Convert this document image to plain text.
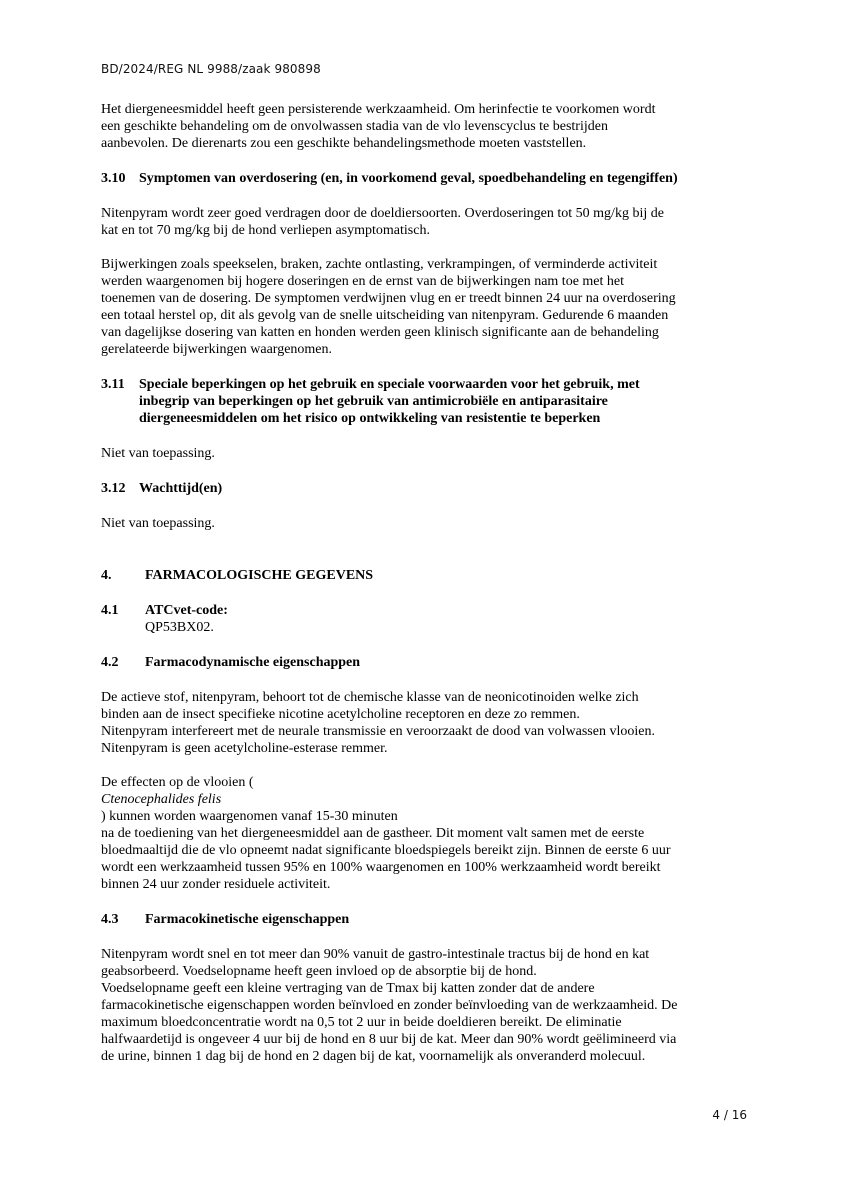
BD/2024/REG NL 9988/zaak 980898

Het diergeneesmiddel heeft geen persisterende werkzaamheid. Om herinfectie te voorkomen wordt
een geschikte behandeling om de onvolwassen stadia van de vlo levenscyclus te bestrijden
aanbevolen. De dierenarts zou een geschikte behandelingsmethode moeten vaststellen.

3.10 Symptomen van overdosering (en, in voorkomend geval, spoedbehandeling en tegengiffen)

Nitenpyram wordt zeer goed verdragen door de doeldiersoorten. Overdoseringen tot 50 mg/kg bij de
kat en tot 70 mg/kg bij de hond verliepen asymptomatisch.

Bijwerkingen zoals speekselen, braken, zachte ontlasting, verkrampingen, of verminderde activiteit
werden waargenomen bij hogere doseringen en de ernst van de bijwerkingen nam toe met het
toenemen van de dosering. De symptomen verdwijnen vlug en er treedt binnen 24 uur na overdosering
een totaal herstel op, dit als gevolg van de snelle uitscheiding van nitenpyram. Gedurende 6 maanden
van dagelijkse dosering van katten en honden werden geen klinisch significante aan de behandeling
gerelateerde bijwerkingen waargenomen.

3.11	Speciale beperkingen op het gebruik en speciale voorwaarden voor het gebruik, met
inbegrip van beperkingen op het gebruik van antimicrobiële en antiparasitaire
diergeneesmiddelen om het risico op ontwikkeling van resistentie te beperken

Niet van toepassing.

3.12 Wachttijd(en)

Niet van toepassing.

4.	FARMACOLOGISCHE GEGEVENS
4.1	ATCvet-code:
QP53BX02.
4.2	Farmacodynamische eigenschappen

De actieve stof, nitenpyram, behoort tot de chemische klasse van de neonicotinoiden welke zich
binden aan de insect specifieke nicotine acetylcholine receptoren en deze zo remmen.
Nitenpyram interfereert met de neurale transmissie en veroorzaakt de dood van volwassen vlooien.
Nitenpyram is geen acetylcholine-esterase remmer.

De effecten op de vlooien (
Ctenocephalides felis
) kunnen worden waargenomen vanaf 15-30 minuten
na de toediening van het diergeneesmiddel aan de gastheer. Dit moment valt samen met de eerste
bloedmaaltijd die de vlo opneemt nadat significante bloedspiegels bereikt zijn. Binnen de eerste 6 uur
wordt een werkzaamheid tussen 95% en 100% waargenomen en 100% werkzaamheid wordt bereikt
binnen 24 uur zonder residuele activiteit.

4.3	Farmacokinetische eigenschappen

Nitenpyram wordt snel en tot meer dan 90% vanuit de gastro-intestinale tractus bij de hond en kat
geabsorbeerd. Voedselopname heeft geen invloed op de absorptie bij de hond.
Voedselopname geeft een kleine vertraging van de Tmax bij katten zonder dat de andere
farmacokinetische eigenschappen worden beïnvloed en zonder beïnvloeding van de werkzaamheid. De
maximum bloedconcentratie wordt na 0,5 tot 2 uur in beide doeldieren bereikt. De eliminatie
halfwaardetijd is ongeveer 4 uur bij de hond en 8 uur bij de kat. Meer dan 90% wordt geëlimineerd via
de urine, binnen 1 dag bij de hond en 2 dagen bij de kat, voornamelijk als onveranderd molecuul.

4 / 16
